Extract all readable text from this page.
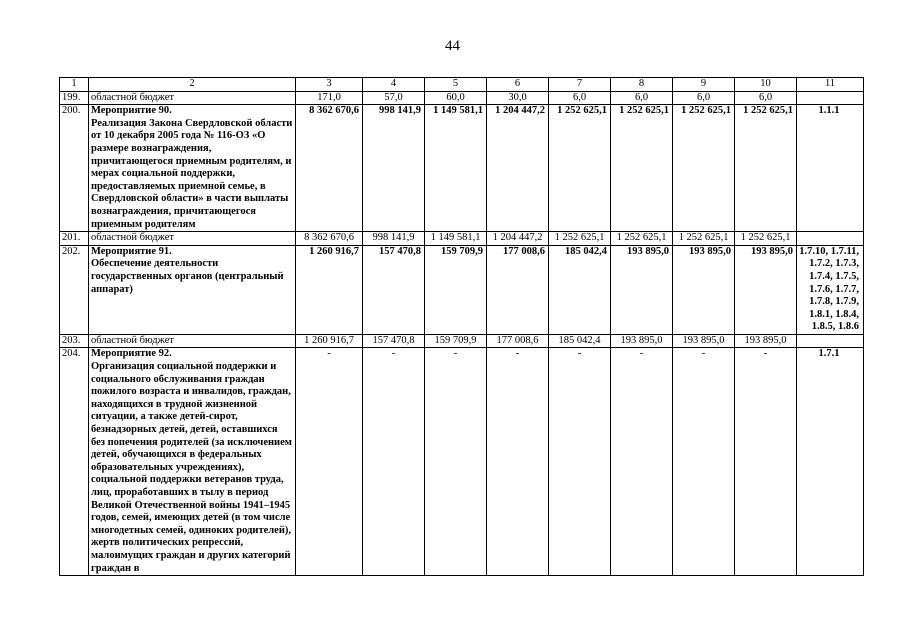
44
1	2	3	4	5	6	7	8	9	10	11
199.	областной бюджет	171,0	57,0	60,0	30,0	6,0	6,0	6,0	6,0	
200.	Мероприятие 90.
Реализация Закона Свердловской области от 10 декабря 2005 года № 116-ОЗ «О размере вознаграждения, причитающегося приемным родителям, и мерах социальной поддержки, предоставляемых приемной семье, в Свердловской области» в части выплаты вознаграждения, причитающегося приемным родителям	8 362 670,6	998 141,9	1 149 581,1	1 204 447,2	1 252 625,1	1 252 625,1	1 252 625,1	1 252 625,1	1.1.1
201.	областной бюджет	8 362 670,6	998 141,9	1 149 581,1	1 204 447,2	1 252 625,1	1 252 625,1	1 252 625,1	1 252 625,1	
202.	Мероприятие 91.
Обеспечение деятельности государственных органов (центральный аппарат)	1 260 916,7	157 470,8	159 709,9	177 008,6	185 042,4	193 895,0	193 895,0	193 895,0	1.7.10, 1.7.11, 1.7.2, 1.7.3, 1.7.4, 1.7.5, 1.7.6, 1.7.7, 1.7.8, 1.7.9, 1.8.1, 1.8.4, 1.8.5, 1.8.6
203.	областной бюджет	1 260 916,7	157 470,8	159 709,9	177 008,6	185 042,4	193 895,0	193 895,0	193 895,0	
204.	Мероприятие 92.
Организация социальной поддержки и социального обслуживания граждан пожилого возраста и инвалидов, граждан, находящихся в трудной жизненной ситуации, а также детей-сирот, безнадзорных детей, детей, оставшихся без попечения родителей (за исключением детей, обучающихся в федеральных образовательных учреждениях), социальной поддержки ветеранов труда, лиц, проработавших в тылу в период Великой Отечественной войны 1941–1945 годов, семей, имеющих детей (в том числе многодетных семей, одиноких родителей), жертв политических репрессий, малоимущих граждан и других категорий граждан в	-	-	-	-	-	-	-	-	1.7.1
